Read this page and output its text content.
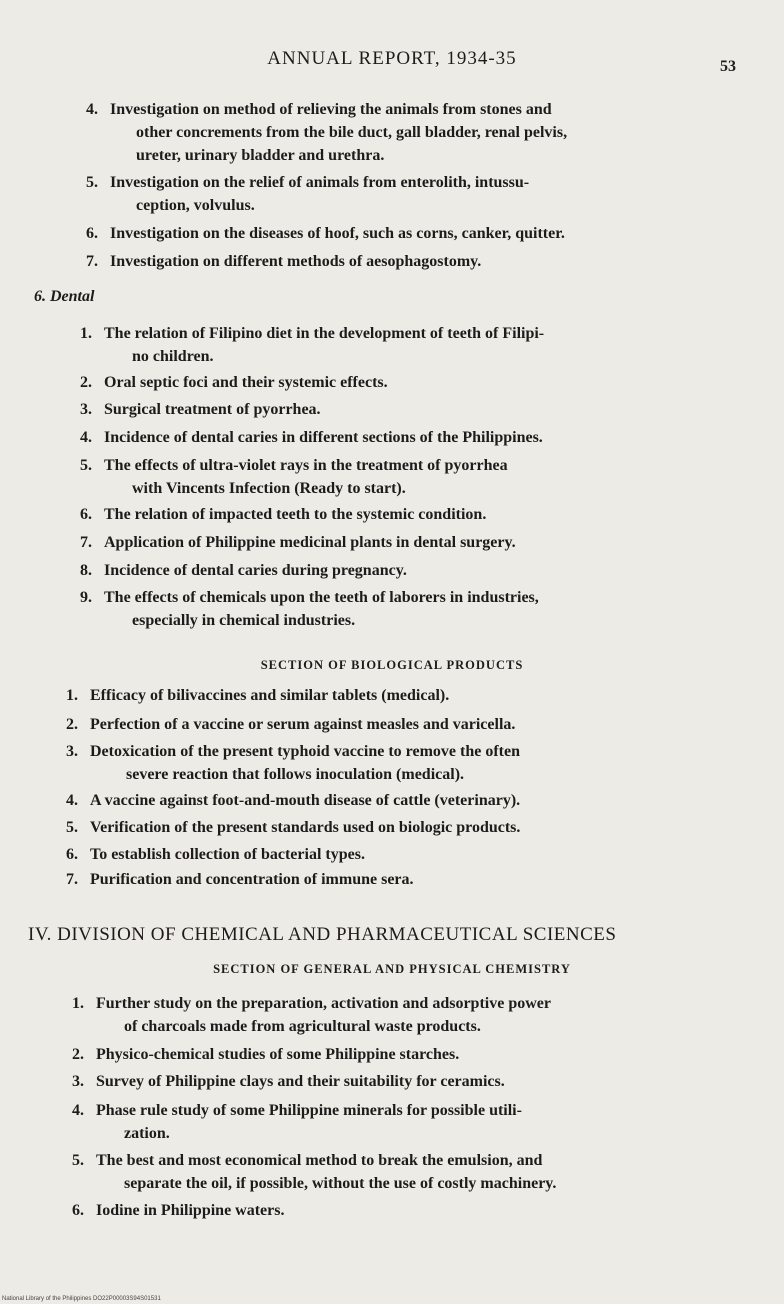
ANNUAL REPORT, 1934-35	53
4. Investigation on method of relieving the animals from stones and
other concrements from the bile duct, gall bladder, renal pelvis,
ureter, urinary bladder and urethra.
5. Investigation on the relief of animals from enterolith, intussu-
ception, volvulus.
6. Investigation on the diseases of hoof, such as corns, canker, quitter.
7. Investigation on different methods of aesophagostomy.
6. Dental
1. The relation of Filipino diet in the development of teeth of Filipi-
no children.
2. Oral septic foci and their systemic effects.
3. Surgical treatment of pyorrhea.
4. Incidence of dental caries in different sections of the Philippines.
5. The effects of ultra-violet rays in the treatment of pyorrhea
with Vincents Infection (Ready to start).
6. The relation of impacted teeth to the systemic condition.
7. Application of Philippine medicinal plants in dental surgery.
8. Incidence of dental caries during pregnancy.
9. The effects of chemicals upon the teeth of laborers in industries,
especially in chemical industries.
SECTION OF BIOLOGICAL PRODUCTS
1. Efficacy of bilivaccines and similar tablets (medical).
2. Perfection of a vaccine or serum against measles and varicella.
3. Detoxication of the present typhoid vaccine to remove the often
severe reaction that follows inoculation (medical).
4. A vaccine against foot-and-mouth disease of cattle (veterinary).
5. Verification of the present standards used on biologic products.
6. To establish collection of bacterial types.
7. Purification and concentration of immune sera.
IV. DIVISION OF CHEMICAL AND PHARMACEUTICAL SCIENCES
SECTION OF GENERAL AND PHYSICAL CHEMISTRY
1. Further study on the preparation, activation and adsorptive power
of charcoals made from agricultural waste products.
2. Physico-chemical studies of some Philippine starches.
3. Survey of Philippine clays and their suitability for ceramics.
4. Phase rule study of some Philippine minerals for possible utili-
zation.
5. The best and most economical method to break the emulsion, and
separate the oil, if possible, without the use of costly machinery.
6. Iodine in Philippine waters.
National Library of the Philippines DO22P00003S94S01531
